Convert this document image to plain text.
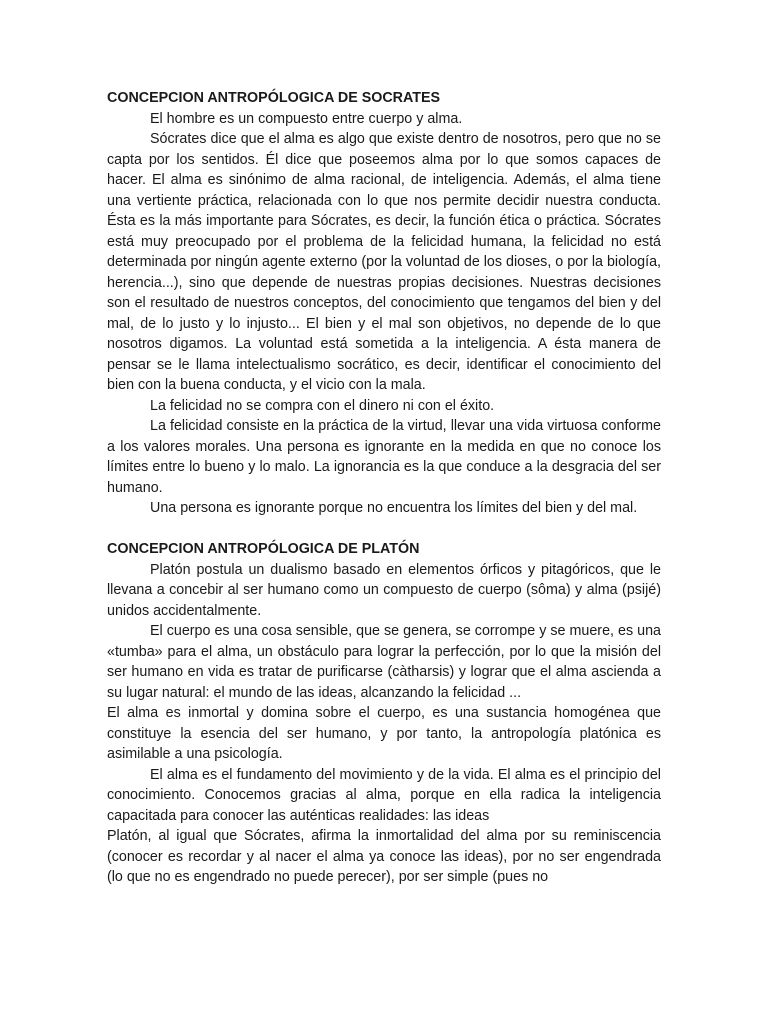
CONCEPCION ANTROPÓLOGICA DE SOCRATES

El hombre es un compuesto entre cuerpo y alma.

Sócrates dice que el alma es algo que existe dentro de nosotros, pero que no se capta por los sentidos. Él dice que poseemos alma por lo que somos capaces de hacer. El alma es sinónimo de alma racional, de inteligencia. Además, el alma tiene una vertiente práctica, relacionada con lo que nos permite decidir nuestra conducta. Ésta es la más importante para Sócrates, es decir, la función ética o práctica. Sócrates está muy preocupado por el problema de la felicidad humana, la felicidad no está determinada por ningún agente externo (por la voluntad de los dioses, o por la biología, herencia...), sino que depende de nuestras propias decisiones. Nuestras decisiones son el resultado de nuestros conceptos, del conocimiento que tengamos del bien y del mal, de lo justo y lo injusto... El bien y el mal son objetivos, no depende de lo que nosotros digamos. La voluntad está sometida a la inteligencia. A ésta manera de pensar se le llama intelectualismo socrático, es decir, identificar el conocimiento del bien con la buena conducta, y el vicio con la mala.

La felicidad no se compra con el dinero ni con el éxito.

La felicidad consiste en la práctica de la virtud, llevar una vida virtuosa conforme a los valores morales. Una persona es ignorante en la medida en que no conoce los límites entre lo bueno y lo malo. La ignorancia es la que conduce a la desgracia del ser humano.

Una persona es ignorante porque no encuentra los límites del bien y del mal.

CONCEPCION ANTROPÓLOGICA DE PLATÓN

Platón postula un dualismo basado en elementos órficos y pitagóricos, que le llevana a concebir al ser humano como un compuesto de cuerpo (sôma) y alma (psijé) unidos accidentalmente.

El cuerpo es una cosa sensible, que se genera, se corrompe y se muere, es una «tumba» para el alma, un obstáculo para lograr la perfección, por lo que la misión del ser humano en vida es tratar de purificarse (càtharsis) y lograr que el alma ascienda a su lugar natural: el mundo de las ideas, alcanzando la felicidad ...

El alma es inmortal y domina sobre el cuerpo, es una sustancia homogénea que constituye la esencia del ser humano, y por tanto, la antropología platónica es asimilable a una psicología.

El alma es el fundamento del movimiento y de la vida. El alma es el principio del conocimiento. Conocemos gracias al alma, porque en ella radica la inteligencia capacitada para conocer las auténticas realidades: las ideas

Platón, al igual que Sócrates, afirma la inmortalidad del alma por su reminiscencia (conocer es recordar y al nacer el alma ya conoce las ideas), por no ser engendrada (lo que no es engendrado no puede perecer), por ser simple (pues no
